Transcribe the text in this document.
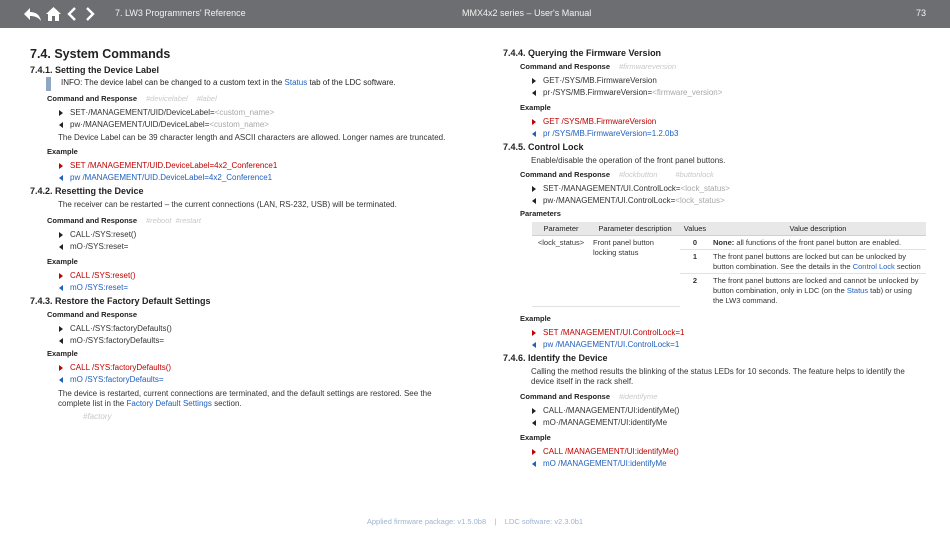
7. LW3 Programmers' Reference	MMX4x2 series – User's Manual	73
7.4. System Commands
7.4.1. Setting the Device Label
INFO: The device label can be changed to a custom text in the Status tab of the LDC software.
Command and Response #devicelabel #label
SET·/MANAGEMENT/UID/DeviceLabel=<custom_name>
pw·/MANAGEMENT/UID/DeviceLabel=<custom_name>
The Device Label can be 39 character length and ASCII characters are allowed. Longer names are truncated.
Example
SET /MANAGEMENT/UID.DeviceLabel=4x2_Conference1
pw /MANAGEMENT/UID.DeviceLabel=4x2_Conference1
7.4.2. Resetting the Device
The receiver can be restarted – the current connections (LAN, RS-232, USB) will be terminated.
Command and Response #reboot #restart
CALL·/SYS:reset()
mO·/SYS:reset=
Example
CALL /SYS:reset()
mO /SYS:reset=
7.4.3. Restore the Factory Default Settings
Command and Response
CALL·/SYS:factoryDefaults()
mO·/SYS:factoryDefaults=
Example
CALL /SYS:factoryDefaults()
mO /SYS:factoryDefaults=
The device is restarted, current connections are terminated, and the default settings are restored. See the complete list in the Factory Default Settings section.
#factory
7.4.4. Querying the Firmware Version
Command and Response #firmwareversion
GET·/SYS/MB.FirmwareVersion
pr·/SYS/MB.FirmwareVersion=<firmware_version>
Example
GET /SYS/MB.FirmwareVersion
pr /SYS/MB.FirmwareVersion=1.2.0b3
7.4.5. Control Lock
Enable/disable the operation of the front panel buttons.
Command and Response #lockbutton #buttonlock
SET·/MANAGEMENT/UI.ControlLock=<lock_status>
pw·/MANAGEMENT/UI.ControlLock=<lock_status>
Parameters
Parameter	Parameter description	Values	Value description
<lock_status>	Front panel button locking status	0	None: all functions of the front panel button are enabled.
		1	The front panel buttons are locked but can be unlocked by button combination. See the details in the Control Lock section
		2	The front panel buttons are locked and cannot be unlocked by button combination, only in LDC (on the Status tab) or using the LW3 command.
Example
SET /MANAGEMENT/UI.ControlLock=1
pw /MANAGEMENT/UI.ControlLock=1
7.4.6. Identify the Device
Calling the method results the blinking of the status LEDs for 10 seconds. The feature helps to identify the device itself in the rack shelf.
Command and Response #identifyme
CALL·/MANAGEMENT/UI:identifyMe()
mO·/MANAGEMENT/UI:identifyMe
Example
CALL /MANAGEMENT/UI:identifyMe()
mO /MANAGEMENT/UI:identifyMe
Applied firmware package: v1.5.0b8    |    LDC software: v2.3.0b1
